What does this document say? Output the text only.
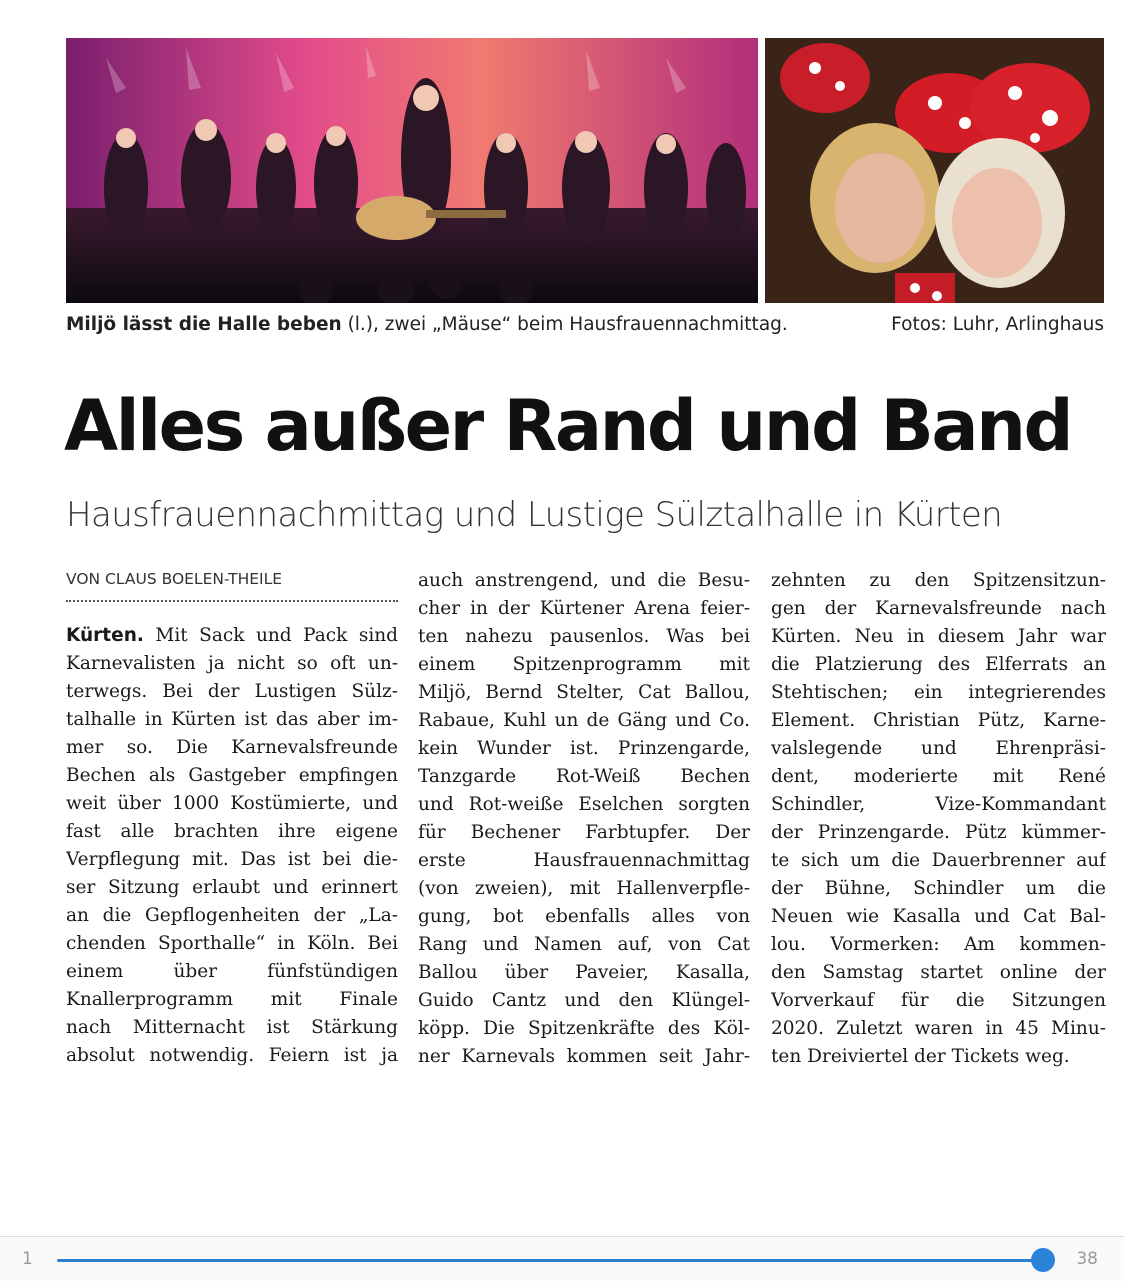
Miljö lässt die Halle beben (l.), zwei „Mäuse“ beim Hausfrauennachmittag.	Fotos: Luhr, Arlinghaus
Alles außer Rand und Band
Hausfrauennachmittag und Lustige Sülztalhalle in Kürten
VON CLAUS BOELEN-THEILE
Kürten. Mit Sack und Pack sind
Karnevalisten ja nicht so oft un-
terwegs. Bei der Lustigen Sülz-
talhalle in Kürten ist das aber im-
mer so. Die Karnevalsfreunde
Bechen als Gastgeber empfingen
weit über 1000 Kostümierte, und
fast alle brachten ihre eigene
Verpflegung mit. Das ist bei die-
ser Sitzung erlaubt und erinnert
an die Gepflogenheiten der „La-
chenden Sporthalle“ in Köln. Bei
einem über fünfstündigen
Knallerprogramm mit Finale
nach Mitternacht ist Stärkung
absolut notwendig. Feiern ist ja
auch anstrengend, und die Besu-
cher in der Kürtener Arena feier-
ten nahezu pausenlos. Was bei
einem Spitzenprogramm mit
Miljö, Bernd Stelter, Cat Ballou,
Rabaue, Kuhl un de Gäng und Co.
kein Wunder ist. Prinzengarde,
Tanzgarde Rot-Weiß Bechen
und Rot-weiße Eselchen sorgten
für Bechener Farbtupfer. Der
erste Hausfrauennachmittag
(von zweien), mit Hallenverpfle-
gung, bot ebenfalls alles von
Rang und Namen auf, von Cat
Ballou über Paveier, Kasalla,
Guido Cantz und den Klüngel-
köpp. Die Spitzenkräfte des Köl-
ner Karnevals kommen seit Jahr-
zehnten zu den Spitzensitzun-
gen der Karnevalsfreunde nach
Kürten. Neu in diesem Jahr war
die Platzierung des Elferrats an
Stehtischen; ein integrierendes
Element. Christian Pütz, Karne-
valslegende und Ehrenpräsi-
dent, moderierte mit René
Schindler, Vize-Kommandant
der Prinzengarde. Pütz kümmer-
te sich um die Dauerbrenner auf
der Bühne, Schindler um die
Neuen wie Kasalla und Cat Bal-
lou. Vormerken: Am kommen-
den Samstag startet online der
Vorverkauf für die Sitzungen
2020. Zuletzt waren in 45 Minu-
ten Dreiviertel der Tickets weg.
1	38
